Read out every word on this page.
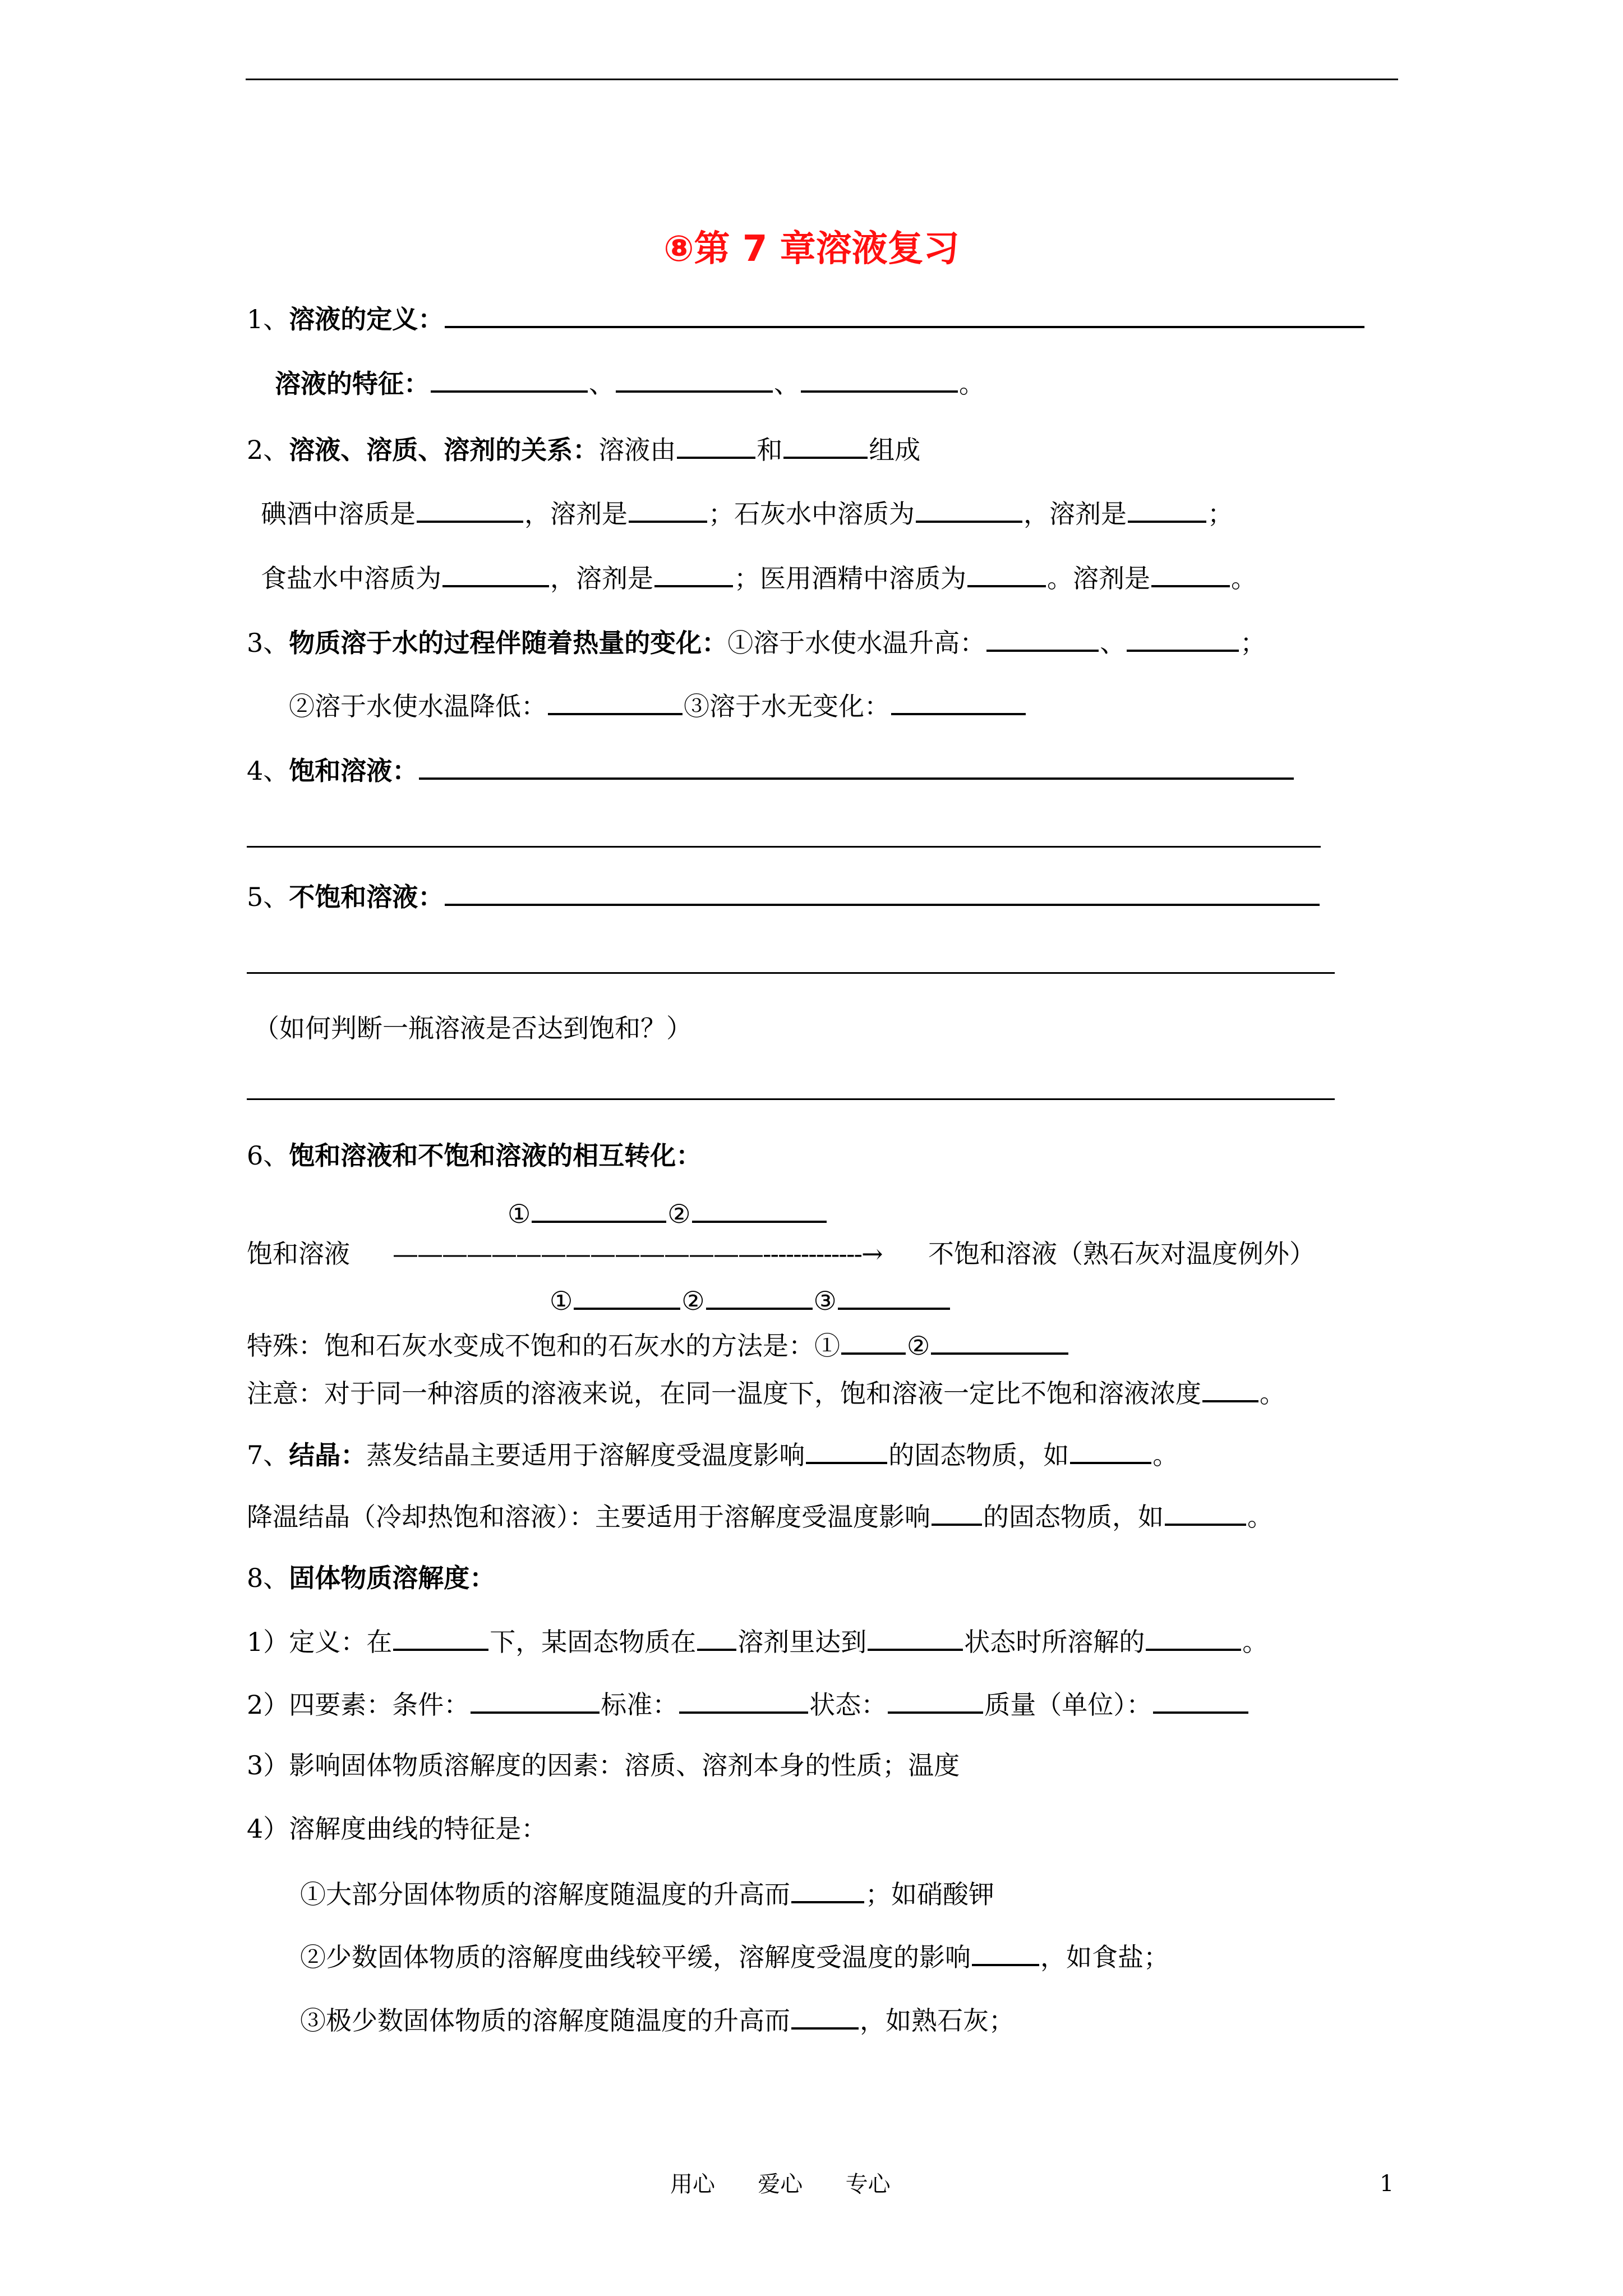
⑧第 7 章溶液复习
1、溶液的定义：
溶液的特征：	、	、	。
2、溶液、溶质、溶剂的关系：溶液由	和	组成
碘酒中溶质是	，溶剂是	；石灰水中溶质为	，溶剂是	；
食盐水中溶质为	，溶剂是	；医用酒精中溶质为	。溶剂是	。
3、物质溶于水的过程伴随着热量的变化：①溶于水使水温升高：	、	；
②溶于水使水温降低：	③溶于水无变化：
4、饱和溶液：
5、不饱和溶液：
（如何判断一瓶溶液是否达到饱和？）
6、饱和溶液和不饱和溶液的相互转化：
①	②
饱和溶液 ———————————————-------------→ 不饱和溶液（熟石灰对温度例外）
①	②	③
特殊：饱和石灰水变成不饱和的石灰水的方法是：①	②
注意：对于同一种溶质的溶液来说，在同一温度下，饱和溶液一定比不饱和溶液浓度 。
7、结晶：蒸发结晶主要适用于溶解度受温度影响	的固态物质，如	。
降温结晶（冷却热饱和溶液）：主要适用于溶解度受温度影响 的固态物质，如	。
8、固体物质溶解度：
1）定义：在	下，某固态物质在 溶剂里达到	状态时所溶解的	。
2）四要素：条件：	标准：	状态：	质量（单位）：
3）影响固体物质溶解度的因素：溶质、溶剂本身的性质；温度
4）溶解度曲线的特征是：
①大部分固体物质的溶解度随温度的升高而	；如硝酸钾
②少数固体物质的溶解度曲线较平缓，溶解度受温度的影响	，如食盐；
③极少数固体物质的溶解度随温度的升高而	，如熟石灰；
用心      爱心      专心	1
